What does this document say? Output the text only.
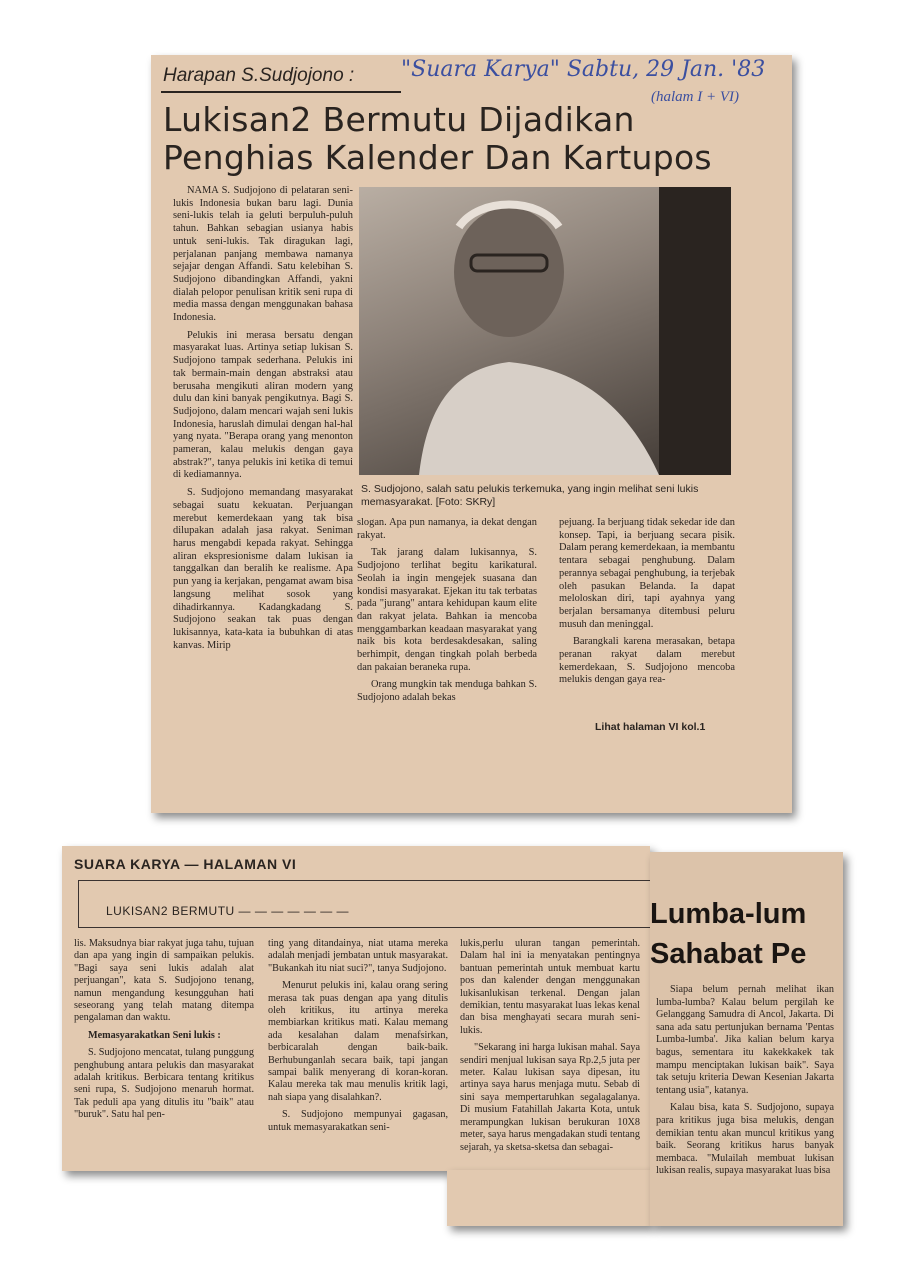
Harapan S.Sudjojono : "Suara Karya" Sabtu, 29 Jan. '83
(halam I + VI)
Lukisan2 Bermutu Dijadikan
Penghias Kalender Dan Kartupos

NAMA S. Sudjojono di pelataran seni-lukis Indonesia bukan baru lagi. Dunia seni-lukis telah ia geluti berpuluh-puluh tahun. Bahkan sebagian usianya habis untuk seni-lukis. Tak diragukan lagi, perjalanan panjang membawa namanya sejajar dengan Affandi. Satu kelebihan S. Sudjojono dibandingkan Affandi, yakni dialah pelopor penulisan kritik seni rupa di media massa dengan menggunakan bahasa Indonesia.

Pelukis ini merasa bersatu dengan masyarakat luas. Artinya setiap lukisan S. Sudjojono tampak sederhana. Pelukis ini tak bermain-main dengan abstraksi atau berusaha mengikuti aliran modern yang dulu dan kini banyak pengikutnya. Bagi S. Sudjojono, dalam mencari wajah seni lukis Indonesia, haruslah dimulai dengan hal-hal yang nyata. "Berapa orang yang menonton pameran, kalau melukis dengan gaya abstrak?", tanya pelukis ini ketika di temui di kediamannya.

S. Sudjojono memandang masyarakat sebagai suatu kekuatan. Perjuangan merebut kemerdekaan yang tak bisa dilupakan adalah jasa rakyat. Seniman harus mengabdi kepada rakyat. Sehingga aliran ekspresionisme dalam lukisan ia tanggalkan dan beralih ke realisme. Apa pun yang ia kerjakan, pengamat awam bisa langsung melihat sosok yang dihadirkannya. Kadangkadang S. Sudjojono seakan tak puas dengan lukisannya, kata-kata ia bubuhkan di atas kanvas. Mirip

S. Sudjojono, salah satu pelukis terkemuka, yang ingin melihat seni lukis memasyarakat. [Foto: SKRy]

slogan. Apa pun namanya, ia dekat dengan rakyat.

Tak jarang dalam lukisannya, S. Sudjojono terlihat begitu karikatural. Seolah ia ingin mengejek suasana dan kondisi masyarakat. Ejekan itu tak terbatas pada "jurang" antara kehidupan kaum elite dan rakyat jelata. Bahkan ia mencoba menggambarkan keadaan masyarakat yang naik bis kota berdesakdesakan, saling berhimpit, dengan tingkah polah berbeda dan pakaian beraneka rupa.

Orang mungkin tak menduga bahkan S. Sudjojono adalah bekas

pejuang. Ia berjuang tidak sekedar ide dan konsep. Tapi, ia berjuang secara pisik. Dalam perang kemerdekaan, ia membantu tentara sebagai penghubung. Dalam perannya sebagai penghubung, ia terjebak oleh pasukan Belanda. Ia dapat meloloskan diri, tapi ayahnya yang berjalan bersamanya ditembusi peluru musuh dan meninggal.

Barangkali karena merasakan, betapa peranan rakyat dalam merebut kemerdekaan, S. Sudjojono mencoba melukis dengan gaya rea-

Lihat halaman VI kol.1
SUARA KARYA — HALAMAN VI
LUKISAN2 BERMUTU — — — — — — —

lis. Maksudnya biar rakyat juga tahu, tujuan dan apa yang ingin di sampaikan pelukis. "Bagi saya seni lukis adalah alat perjuangan", kata S. Sudjojono tenang, namun mengandung kesungguhan hati seseorang yang telah matang ditempa pengalaman dan waktu.

Memasyarakatkan Seni lukis :

S. Sudjojono mencatat, tulang punggung penghubung antara pelukis dan masyarakat adalah kritikus. Berbicara tentang kritikus seni rupa, S. Sudjojono menaruh hormat. Tak peduli apa yang ditulis itu "baik" atau "buruk". Satu hal pen-

ting yang ditandainya, niat utama mereka adalah menjadi jembatan untuk masyarakat. "Bukankah itu niat suci?", tanya Sudjojono.

Menurut pelukis ini, kalau orang sering merasa tak puas dengan apa yang ditulis oleh kritikus, itu artinya mereka membiarkan kritikus mati. Kalau memang ada kesalahan dalam menafsirkan, berbicaralah dengan baik-baik. Berhubunganlah secara baik, tapi jangan sampai balik menyerang di koran-koran. Kalau mereka tak mau menulis kritik lagi, nah siapa yang disalahkan?.

S. Sudjojono mempunyai gagasan, untuk memasyarakatkan seni-

lukis,perlu uluran tangan pemerintah. Dalam hal ini ia menyatakan pentingnya bantuan pemerintah untuk membuat kartu pos dan kalender dengan menggunakan lukisanlukisan terkenal. Dengan jalan demikian, tentu masyarakat luas lekas kenal dan bisa menghayati secara murah seni-lukis.

"Sekarang ini harga lukisan mahal. Saya sendiri menjual lukisan saya Rp.2,5 juta per meter. Kalau lukisan saya dipesan, itu artinya saya harus menjaga mutu. Sebab di sini saya mempertaruhkan segalagalanya. Di musium Fatahillah Jakarta Kota, untuk merampungkan lukisan berukuran 10X8 meter, saya harus mengadakan studi tentang sejarah, ya sketsa-sketsa dan sebagai-

Lumba-lum
Sahabat Pe

Siapa belum pernah melihat ikan lumba-lumba? Kalau belum pergilah ke Gelanggang Samudra di Ancol, Jakarta. Di sana ada satu pertunjukan bernama 'Pentas Lumba-lumba'. Jika kalian belum karya bagus, sementara itu kakekkakek tak mampu menciptakan lukisan baik". Saya tak setuju kriteria Dewan Kesenian Jakarta tentang usia", katanya.

Kalau bisa, kata S. Sudjojono, supaya para kritikus juga bisa melukis, dengan demikian tentu akan muncul kritikus yang baik. Seorang kritikus harus banyak membaca. "Mulailah membuat lukisan lukisan realis, supaya masyarakat luas bisa
